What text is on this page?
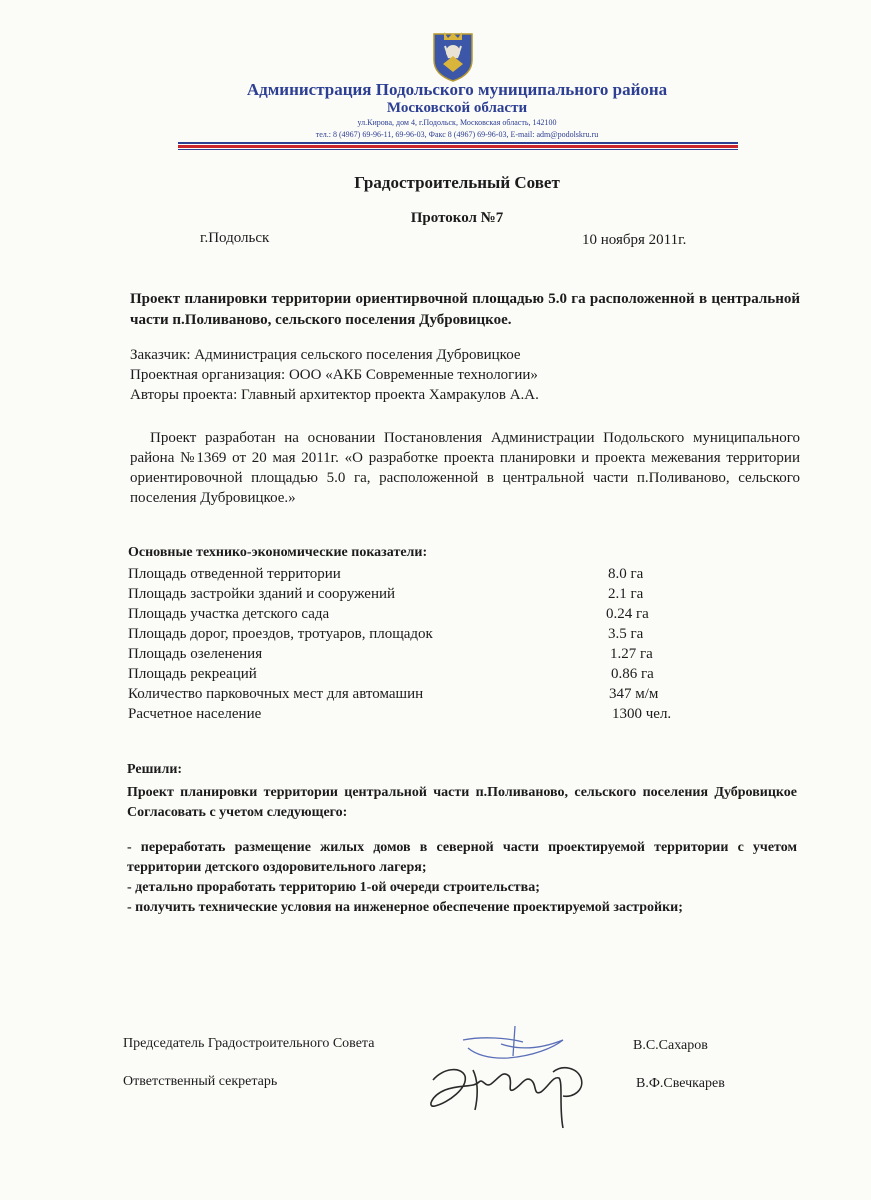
Администрация Подольского муниципального района
Московской области
ул.Кирова, дом 4, г.Подольск, Московская область, 142100
тел.: 8 (4967) 69-96-11, 69-96-03, Факс 8 (4967) 69-96-03, E-mail: adm@podolskru.ru
Градостроительный Совет
Протокол №7
г.Подольск	10 ноября 2011г.
Проект планировки территории ориентирвочной площадью 5.0 га расположенной в центральной части п.Поливаново, сельского поселения Дубровицкое.
Заказчик: Администрация сельского поселения Дубровицкое
Проектная организация: ООО «АКБ Современные технологии»
Авторы проекта: Главный архитектор проекта Хамракулов А.А.
Проект разработан на основании Постановления Администрации Подольского муниципального района №1369 от 20 мая 2011г. «О разработке проекта планировки и проекта межевания территории ориентировочной площадью 5.0 га, расположенной в центральной части п.Поливаново, сельского поселения Дубровицкое.»
Основные технико-экономические показатели:
Площадь отведенной территории	8.0 га
Площадь застройки зданий и сооружений	2.1 га
Площадь участка детского сада	0.24 га
Площадь дорог, проездов, тротуаров, площадок	3.5 га
Площадь озеленения	1.27 га
Площадь рекреаций	0.86 га
Количество парковочных мест для автомашин	347 м/м
Расчетное население	1300 чел.
Решили:
Проект планировки территории центральной части п.Поливаново, сельского поселения Дубровицкое Согласовать с учетом следующего:
- переработать размещение жилых домов в северной части проектируемой территории с учетом территории детского оздоровительного лагеря;
- детально проработать территорию 1-ой очереди строительства;
- получить технические условия на инженерное обеспечение проектируемой застройки;
Председатель Градостроительного Совета	В.С.Сахаров
Ответственный секретарь	В.Ф.Свечкарев
